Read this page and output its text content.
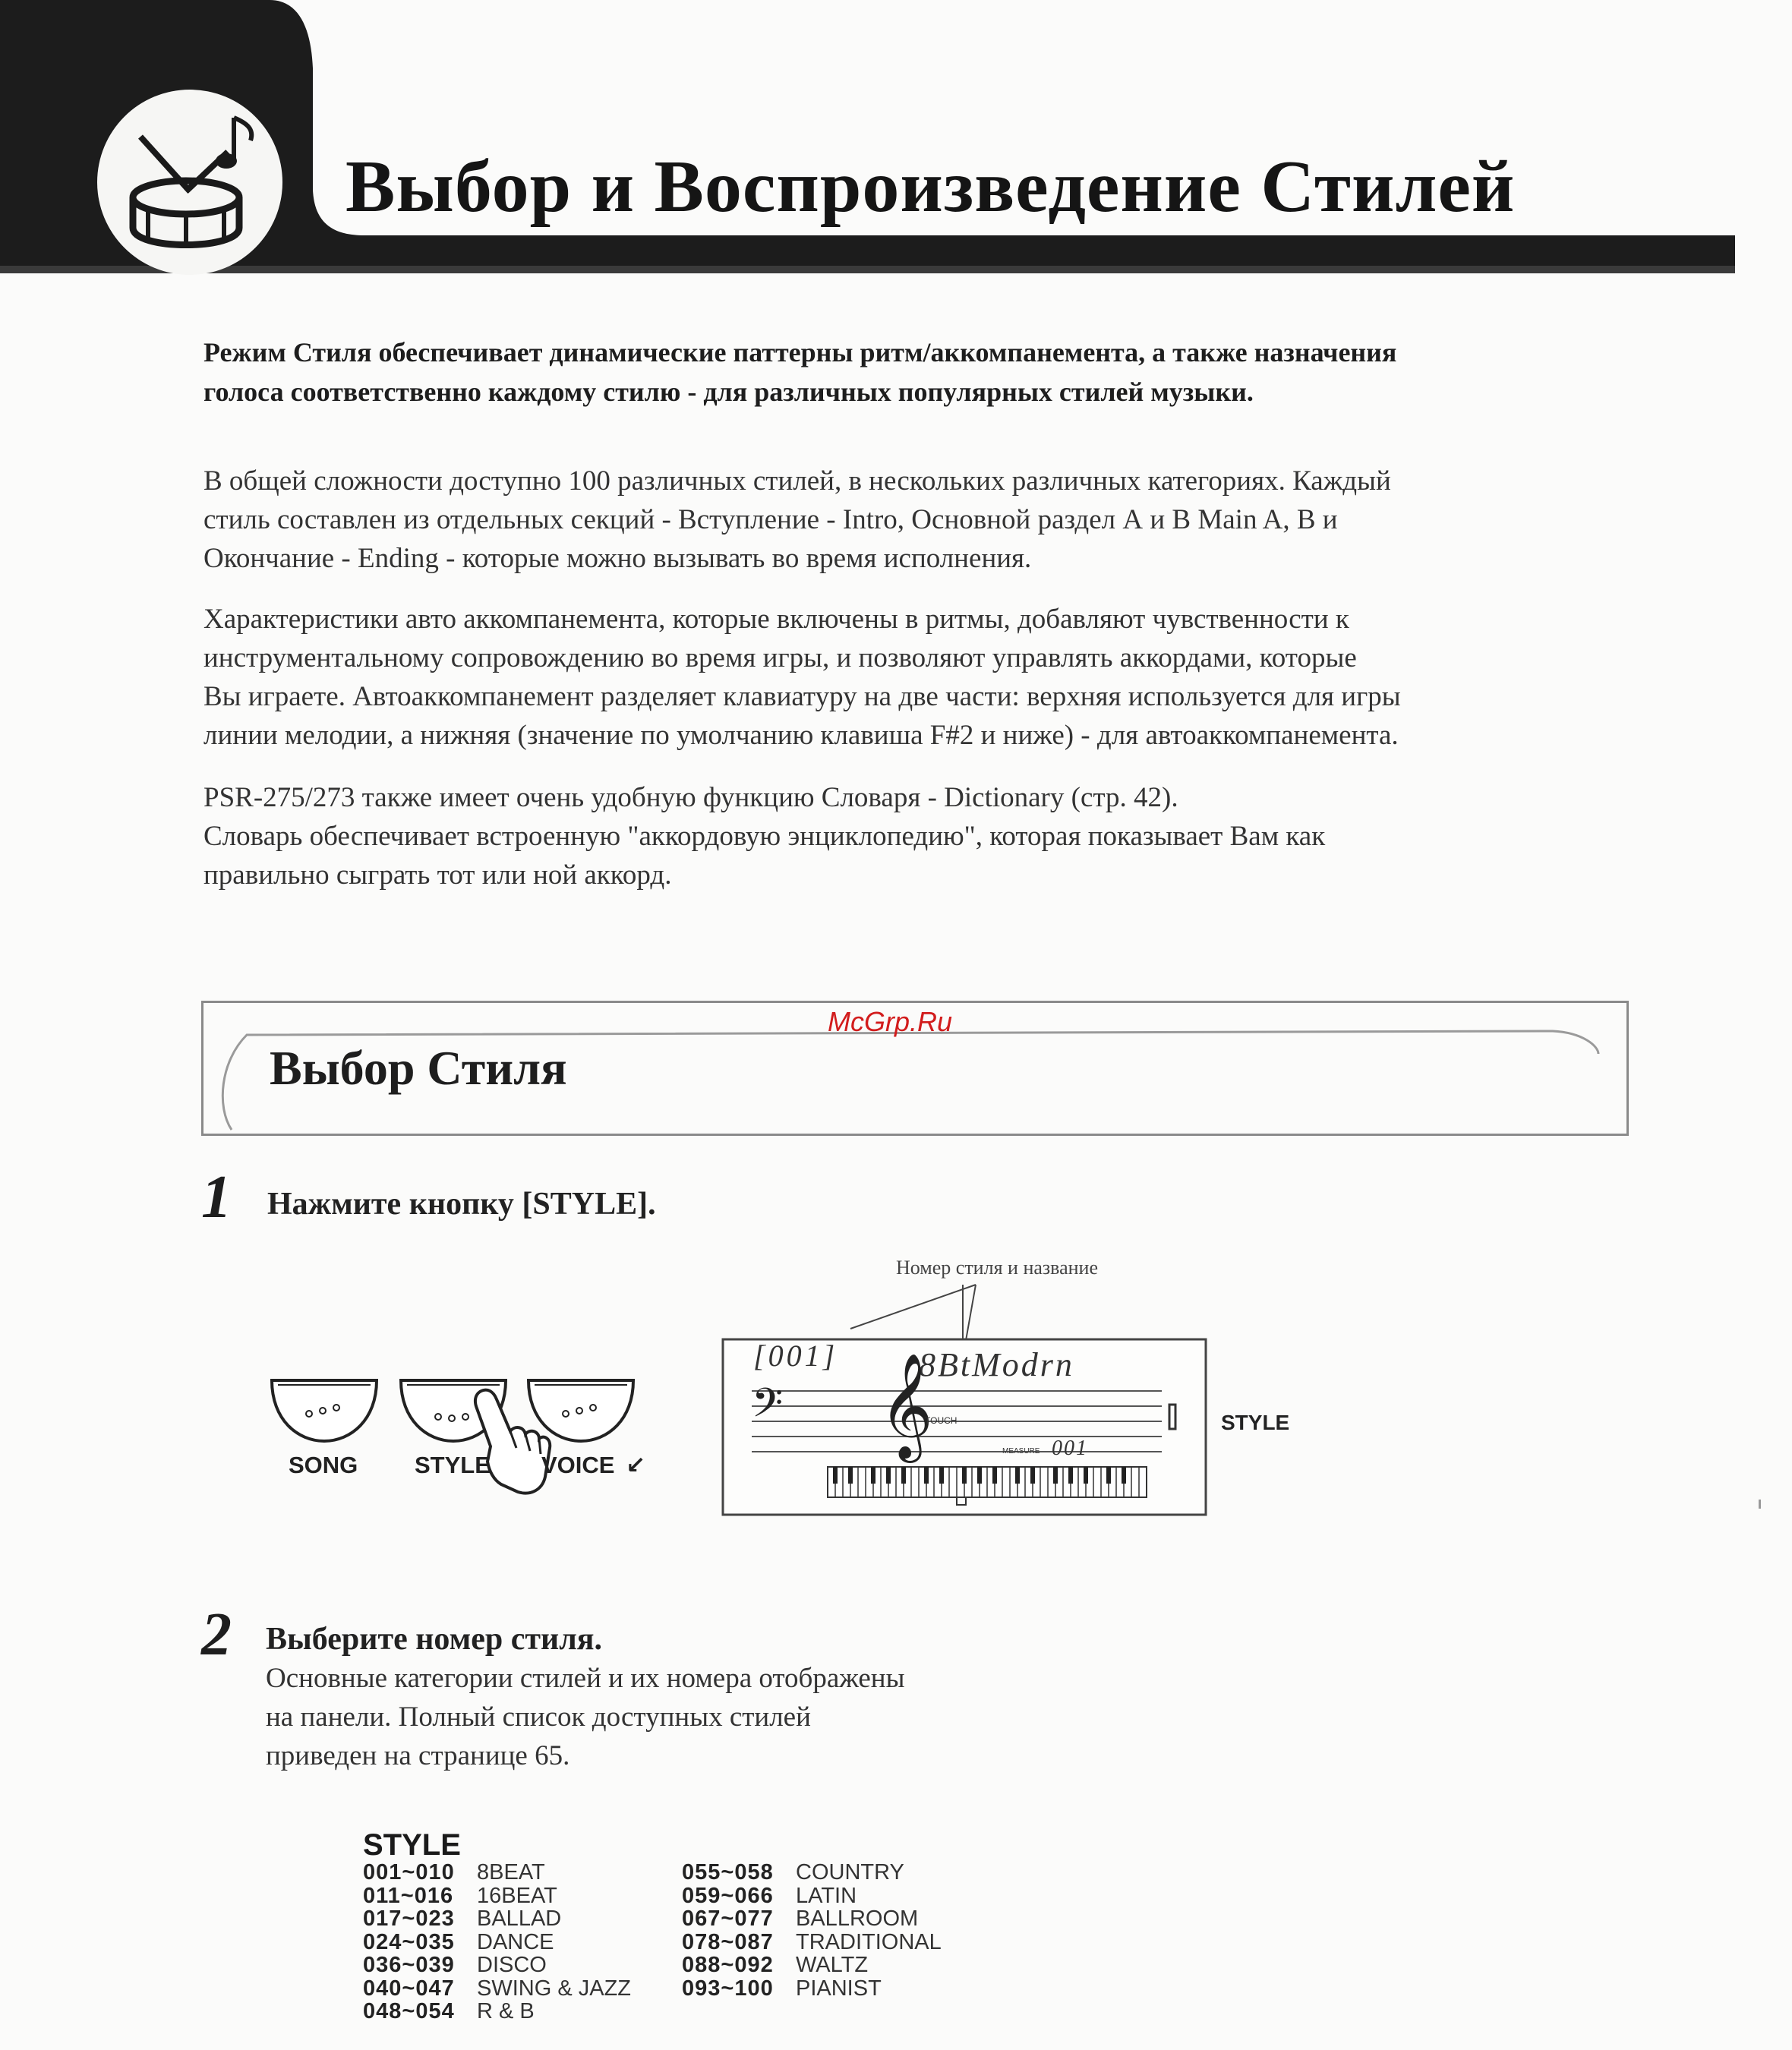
Выбор и Воспроизведение Стилей
Режим Стиля обеспечивает динамические паттерны ритм/аккомпанемента, а также назначения
голоса соответственно каждому стилю - для различных популярных стилей музыки.
В общей сложности доступно 100 различных стилей, в нескольких различных категориях. Каждый
стиль составлен из отдельных секций - Вступление - Intro, Основной раздел А и В Main A, B и
Окончание - Ending - которые можно вызывать во время исполнения.
Характеристики авто аккомпанемента, которые включены в ритмы, добавляют чувственности к
инструментальному сопровождению во время игры, и позволяют управлять аккордами, которые
Вы играете. Автоаккомпанемент разделяет клавиатуру на две части: верхняя используется для игры
линии мелодии, а нижняя (значение по умолчанию клавиша F#2 и ниже) - для автоаккомпанемента.
PSR-275/273 также имеет очень удобную функцию Словаря - Dictionary (стр. 42).
Словарь обеспечивает встроенную "аккордовую энциклопедию", которая показывает Вам как
правильно сыграть тот или ной аккорд.
McGrp.Ru
Выбор Стиля
1 Нажмите кнопку [STYLE].
SONG STYLE VOICE ↙
Номер стиля и название
[001] 8BtModrn
𝄢 𝄞
TOUCH
MEASURE 001
STYLE
2 Выберите номер стиля.
Основные категории стилей и их номера отображены
на панели. Полный список доступных стилей
приведен на странице 65.
STYLE
001~010 8BEAT
011~016 16BEAT
017~023 BALLAD
024~035 DANCE
036~039 DISCO
040~047 SWING & JAZZ
048~054 R & B
055~058 COUNTRY
059~066 LATIN
067~077 BALLROOM
078~087 TRADITIONAL
088~092 WALTZ
093~100 PIANIST
